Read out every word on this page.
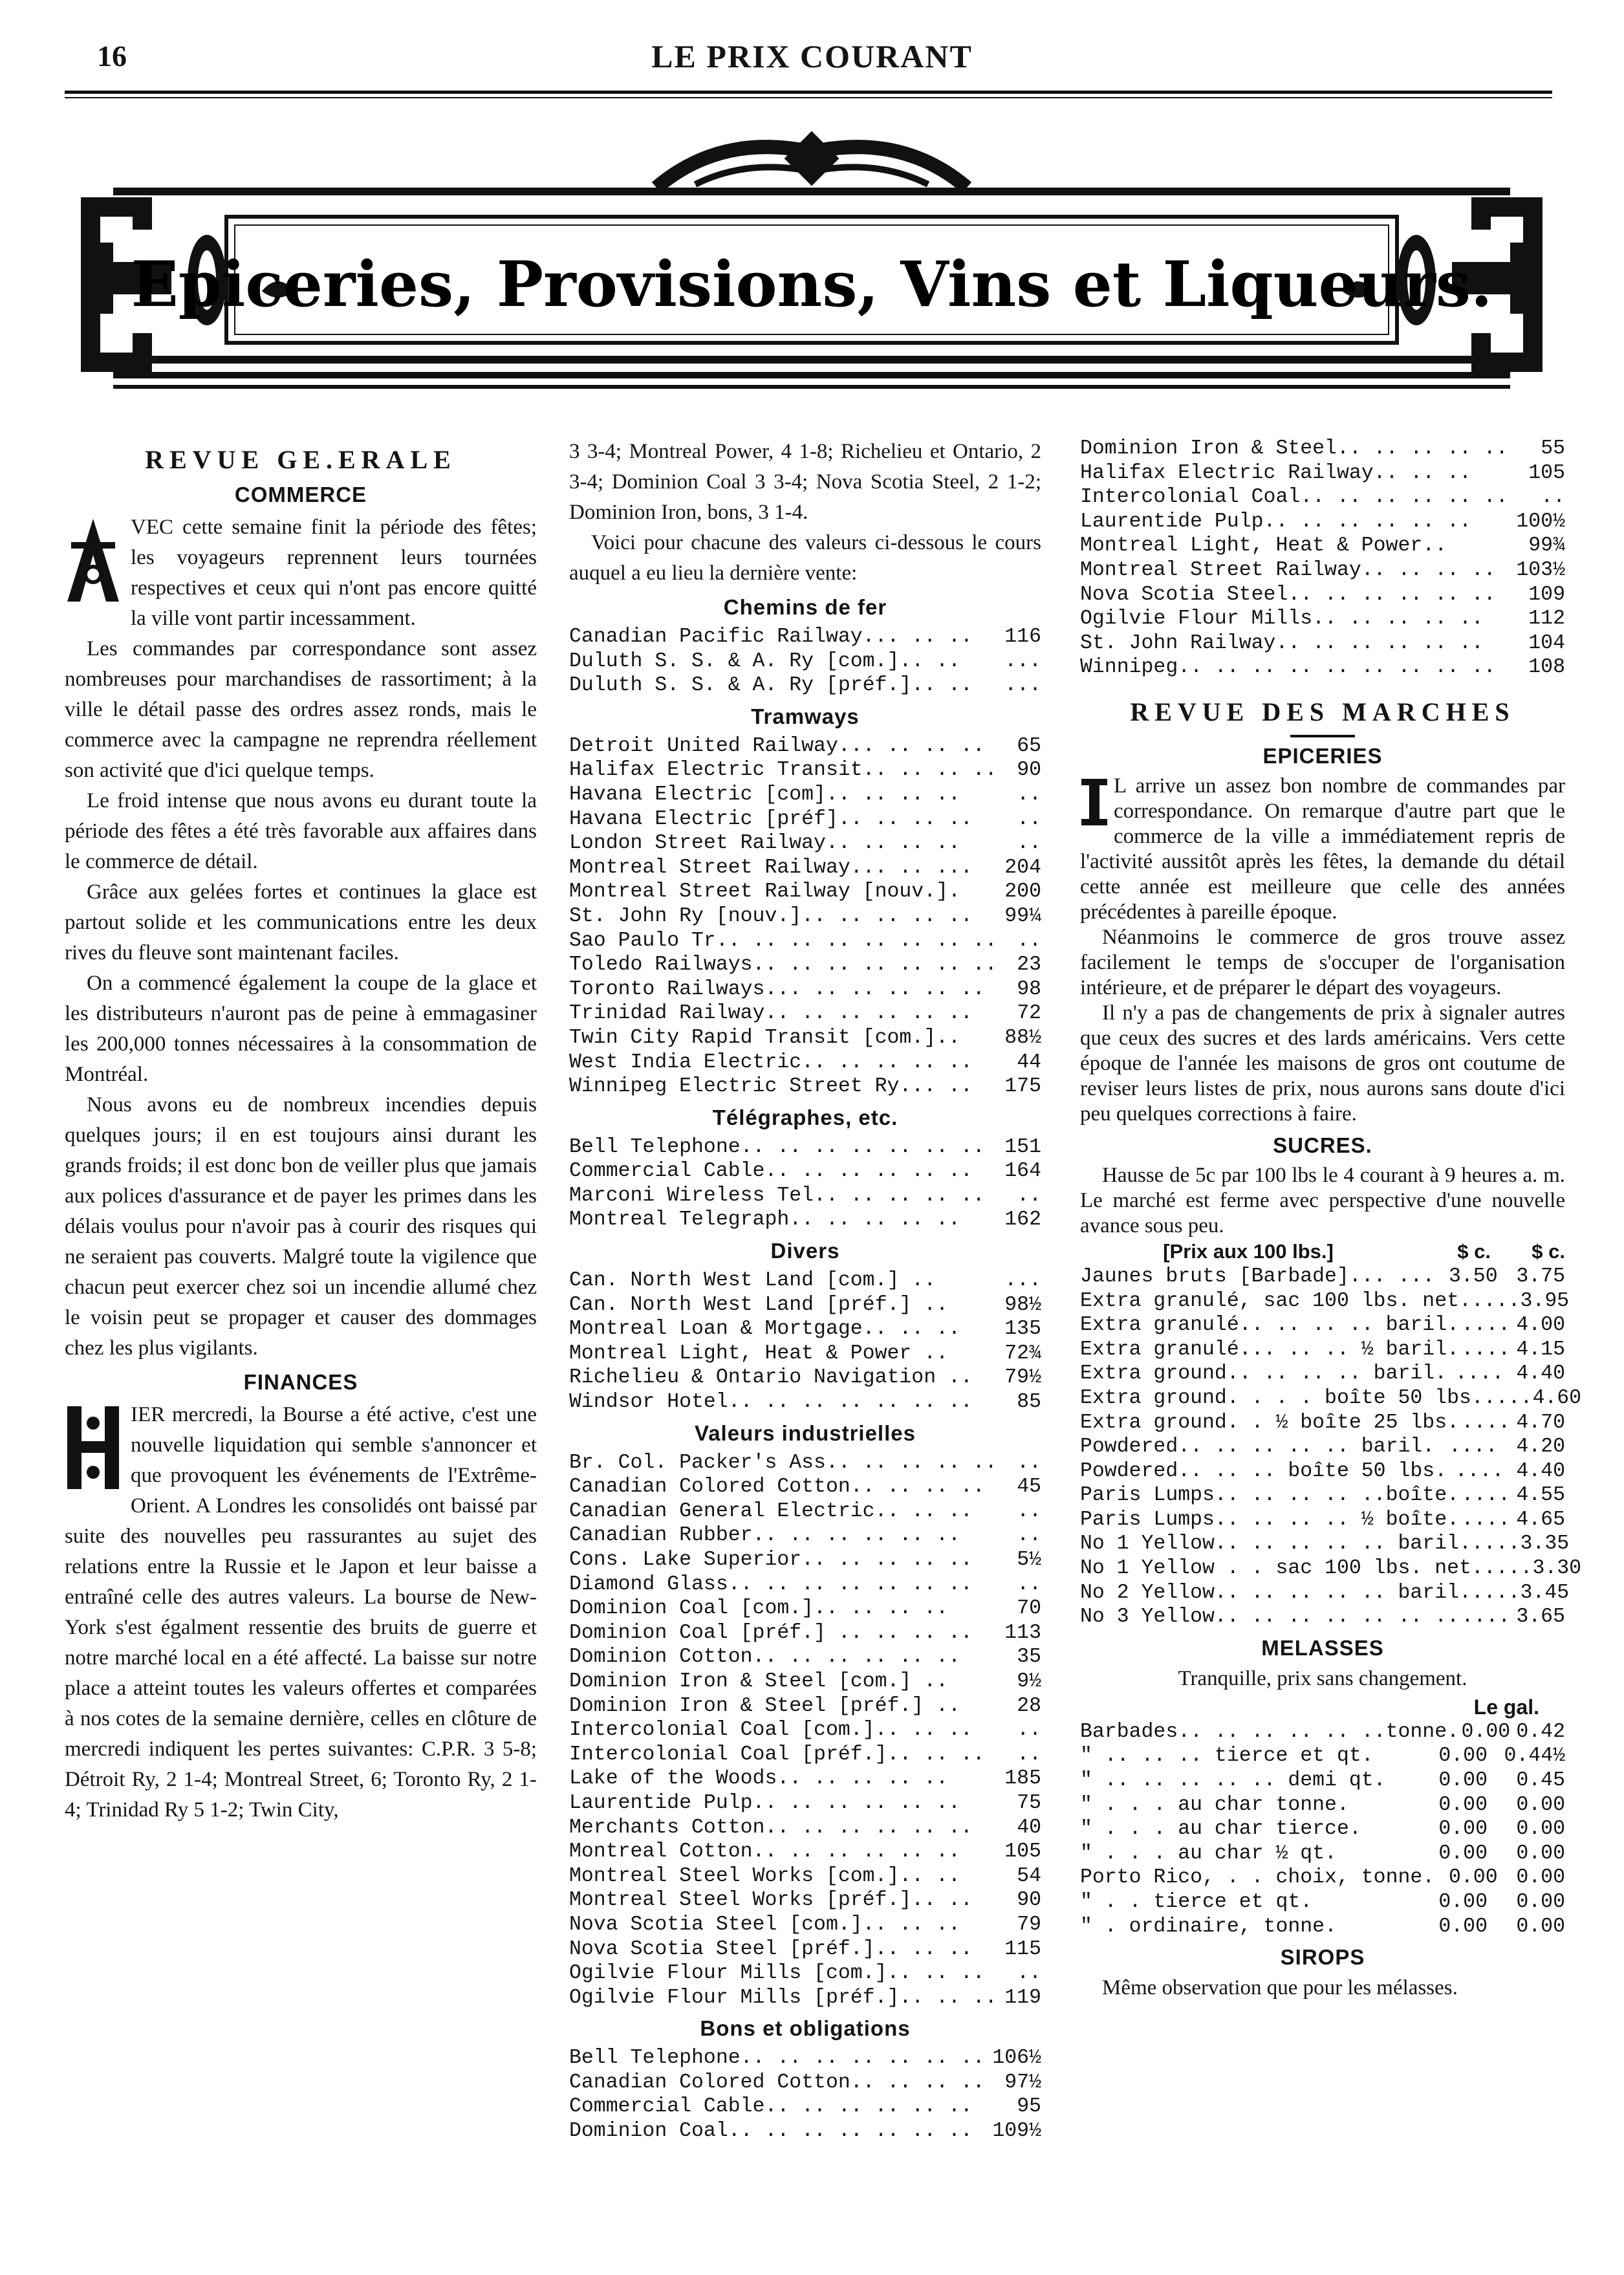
16	LE PRIX COURANT
Epiceries, Provisions, Vins et Liqueurs.
REVUE GE.ERALE
COMMERCE
VEC cette semaine finit la période des fêtes; les voyageurs reprennent leurs tournées respectives et ceux qui n'ont pas encore quitté la ville vont partir incessamment.
Les commandes par correspondance sont assez nombreuses pour marchandises de rassortiment; à la ville le détail passe des ordres assez ronds, mais le commerce avec la campagne ne reprendra réellement son activité que d'ici quelque temps.
Le froid intense que nous avons eu durant toute la période des fêtes a été très favorable aux affaires dans le commerce de détail.
Grâce aux gelées fortes et continues la glace est partout solide et les communications entre les deux rives du fleuve sont maintenant faciles.
On a commencé également la coupe de la glace et les distributeurs n'auront pas de peine à emmagasiner les 200,000 tonnes nécessaires à la consommation de Montréal.
Nous avons eu de nombreux incendies depuis quelques jours; il en est toujours ainsi durant les grands froids; il est donc bon de veiller plus que jamais aux polices d'assurance et de payer les primes dans les délais voulus pour n'avoir pas à courir des risques qui ne seraient pas couverts. Malgré toute la vigilence que chacun peut exercer chez soi un incendie allumé chez le voisin peut se propager et causer des dommages chez les plus vigilants.
FINANCES
IER mercredi, la Bourse a été active, c'est une nouvelle liquidation qui semble s'annoncer et que provoquent les événements de l'Extrême-Orient. A Londres les consolidés ont baissé par suite des nouvelles peu rassurantes au sujet des relations entre la Russie et le Japon et leur baisse a entraîné celle des autres valeurs. La bourse de New-York s'est égalment ressentie des bruits de guerre et notre marché local en a été affecté. La baisse sur notre place a atteint toutes les valeurs offertes et comparées à nos cotes de la semaine dernière, celles en clôture de mercredi indiquent les pertes suivantes: C.P.R. 3 5-8; Détroit Ry, 2 1-4; Montreal Street, 6; Toronto Ry, 2 1-4; Trinidad Ry 5 1-2; Twin City,
3 3-4; Montreal Power, 4 1-8; Richelieu et Ontario, 2 3-4; Dominion Coal 3 3-4; Nova Scotia Steel, 2 1-2; Dominion Iron, bons, 3 1-4.
Voici pour chacune des valeurs ci-dessous le cours auquel a eu lieu la dernière vente:
Chemins de fer
Canadian Pacific Railway... .. ..	116
Duluth S. S. & A. Ry [com.].. ..	...
Duluth S. S. & A. Ry [préf.].. ..	...
Tramways
Detroit United Railway... .. .. ..	65
Halifax Electric Transit.. .. .. .. 90
Havana Electric [com].. .. .. ..	..
Havana Electric [préf].. .. .. ..	..
London Street Railway.. .. .. ..	..
Montreal Street Railway... .. ...	204
Montreal Street Railway [nouv.].	200
St. John Ry [nouv.].. .. .. .. ..	99¼
Sao Paulo Tr.. .. .. .. .. .. .. .. ..
Toledo Railways.. .. .. .. .. .. .. 23
Toronto Railways... .. .. .. .. ..	98
Trinidad Railway.. .. .. .. .. ..	72
Twin City Rapid Transit [com.]..	88½
West India Electric.. .. .. .. ..	44
Winnipeg Electric Street Ry... ..	175
Télégraphes, etc.
Bell Telephone.. .. .. .. .. .. .. 151
Commercial Cable.. .. .. .. .. ..	164
Marconi Wireless Tel.. .. .. .. ..	..
Montreal Telegraph.. .. .. .. ..	162
Divers
Can. North West Land [com.] ..	...
Can. North West Land [préf.] ..	98½
Montreal Loan & Mortgage.. .. ..	135
Montreal Light, Heat & Power ..	72¾
Richelieu & Ontario Navigation ..	79½
Windsor Hotel.. .. .. .. .. .. ..	85
Valeurs industrielles
Br. Col. Packer's Ass.. .. .. .. .. ..
Canadian Colored Cotton.. .. .. ..	45
Canadian General Electric.. .. ..	..
Canadian Rubber.. .. .. .. .. ..	..
Cons. Lake Superior.. .. .. .. ..	5½
Diamond Glass.. .. .. .. .. .. ..	..
Dominion Coal [com.].. .. .. ..	70
Dominion Coal [préf.] .. .. .. ..	113
Dominion Cotton.. .. .. .. .. ..	35
Dominion Iron & Steel [com.] ..	9½
Dominion Iron & Steel [préf.] ..	28
Intercolonial Coal [com.].. .. ..	..
Intercolonial Coal [préf.].. .. ..	..
Lake of the Woods.. .. .. .. ..	185
Laurentide Pulp.. .. .. .. .. ..	75
Merchants Cotton.. .. .. .. .. ..	40
Montreal Cotton.. .. .. .. .. ..	105
Montreal Steel Works [com.].. ..	54
Montreal Steel Works [préf.].. ..	90
Nova Scotia Steel [com.].. .. ..	79
Nova Scotia Steel [préf.].. .. ..	115
Ogilvie Flour Mills [com.].. .. ..	..
Ogilvie Flour Mills [préf.].. .. .. 119
Bons et obligations
Bell Telephone.. .. .. .. .. .. .. 106½
Canadian Colored Cotton.. .. .. .. 97½
Commercial Cable.. .. .. .. .. ..	95
Dominion Coal.. .. .. .. .. .. .. 109½
Dominion Iron & Steel.. .. .. .. ..	55
Halifax Electric Railway.. .. ..	105
Intercolonial Coal.. .. .. .. .. ..	..
Laurentide Pulp.. .. .. .. .. ..	100½
Montreal Light, Heat & Power..	99¾
Montreal Street Railway.. .. .. ..	103½
Nova Scotia Steel.. .. .. .. .. ..	109
Ogilvie Flour Mills.. .. .. .. ..	112
St. John Railway.. .. .. .. .. ..	104
Winnipeg.. .. .. .. .. .. .. .. ..	108
REVUE DES MARCHES
EPICERIES
L arrive un assez bon nombre de commandes par correspondance. On remarque d'autre part que le commerce de la ville a immédiatement repris de l'activité aussitôt après les fêtes, la demande du détail cette année est meilleure que celle des années précédentes à pareille époque.
Néanmoins le commerce de gros trouve assez facilement le temps de s'occuper de l'organisation intérieure, et de préparer le départ des voyageurs.
Il n'y a pas de changements de prix à signaler autres que ceux des sucres et des lards américains. Vers cette époque de l'année les maisons de gros ont coutume de reviser leurs listes de prix, nous aurons sans doute d'ici peu quelques corrections à faire.
SUCRES.
Hausse de 5c par 100 lbs le 4 courant à 9 heures a. m. Le marché est ferme avec perspective d'une nouvelle avance sous peu.
[Prix aux 100 lbs.]	$ c.	$ c.
Jaunes bruts [Barbade]... ... 3.50 3.75
Extra granulé, sac 100 lbs. net. .... 3.95
Extra granulé.. .. .. .. baril. .... 4.00
Extra granulé... .. .. ½ baril. .... 4.15
Extra ground.. .. .. .. baril. .... 4.40
Extra ground. . . . boîte 50 lbs. .... 4.60
Extra ground. . ½ boîte 25 lbs. .... 4.70
Powdered.. .. .. .. .. baril. .... 4.20
Powdered.. .. .. boîte 50 lbs. .... 4.40
Paris Lumps.. .. .. .. ..boîte. .... 4.55
Paris Lumps.. .. .. .. ½ boîte. .... 4.65
No 1 Yellow.. .. .. .. .. baril. .... 3.35
No 1 Yellow . . sac 100 lbs. net. .... 3.30
No 2 Yellow.. .. .. .. .. baril. .... 3.45
No 3 Yellow.. .. .. .. .. .. .. .... 3.65
MELASSES
Tranquille, prix sans changement.
Le gal.
Barbades.. .. .. .. .. ..tonne. 0.00 0.42
" .. .. .. tierce et qt.	0.00 0.44½
" .. .. .. .. .. demi qt.	0.00	0.45
" . . . au char tonne.	0.00	0.00
" . . . au char tierce.	0.00	0.00
" . . . au char ½ qt.	0.00	0.00
Porto Rico, . . choix, tonne. 0.00 0.00
" . . tierce et qt.	0.00	0.00
" . ordinaire, tonne.	0.00	0.00
SIROPS
Même observation que pour les mélasses.
